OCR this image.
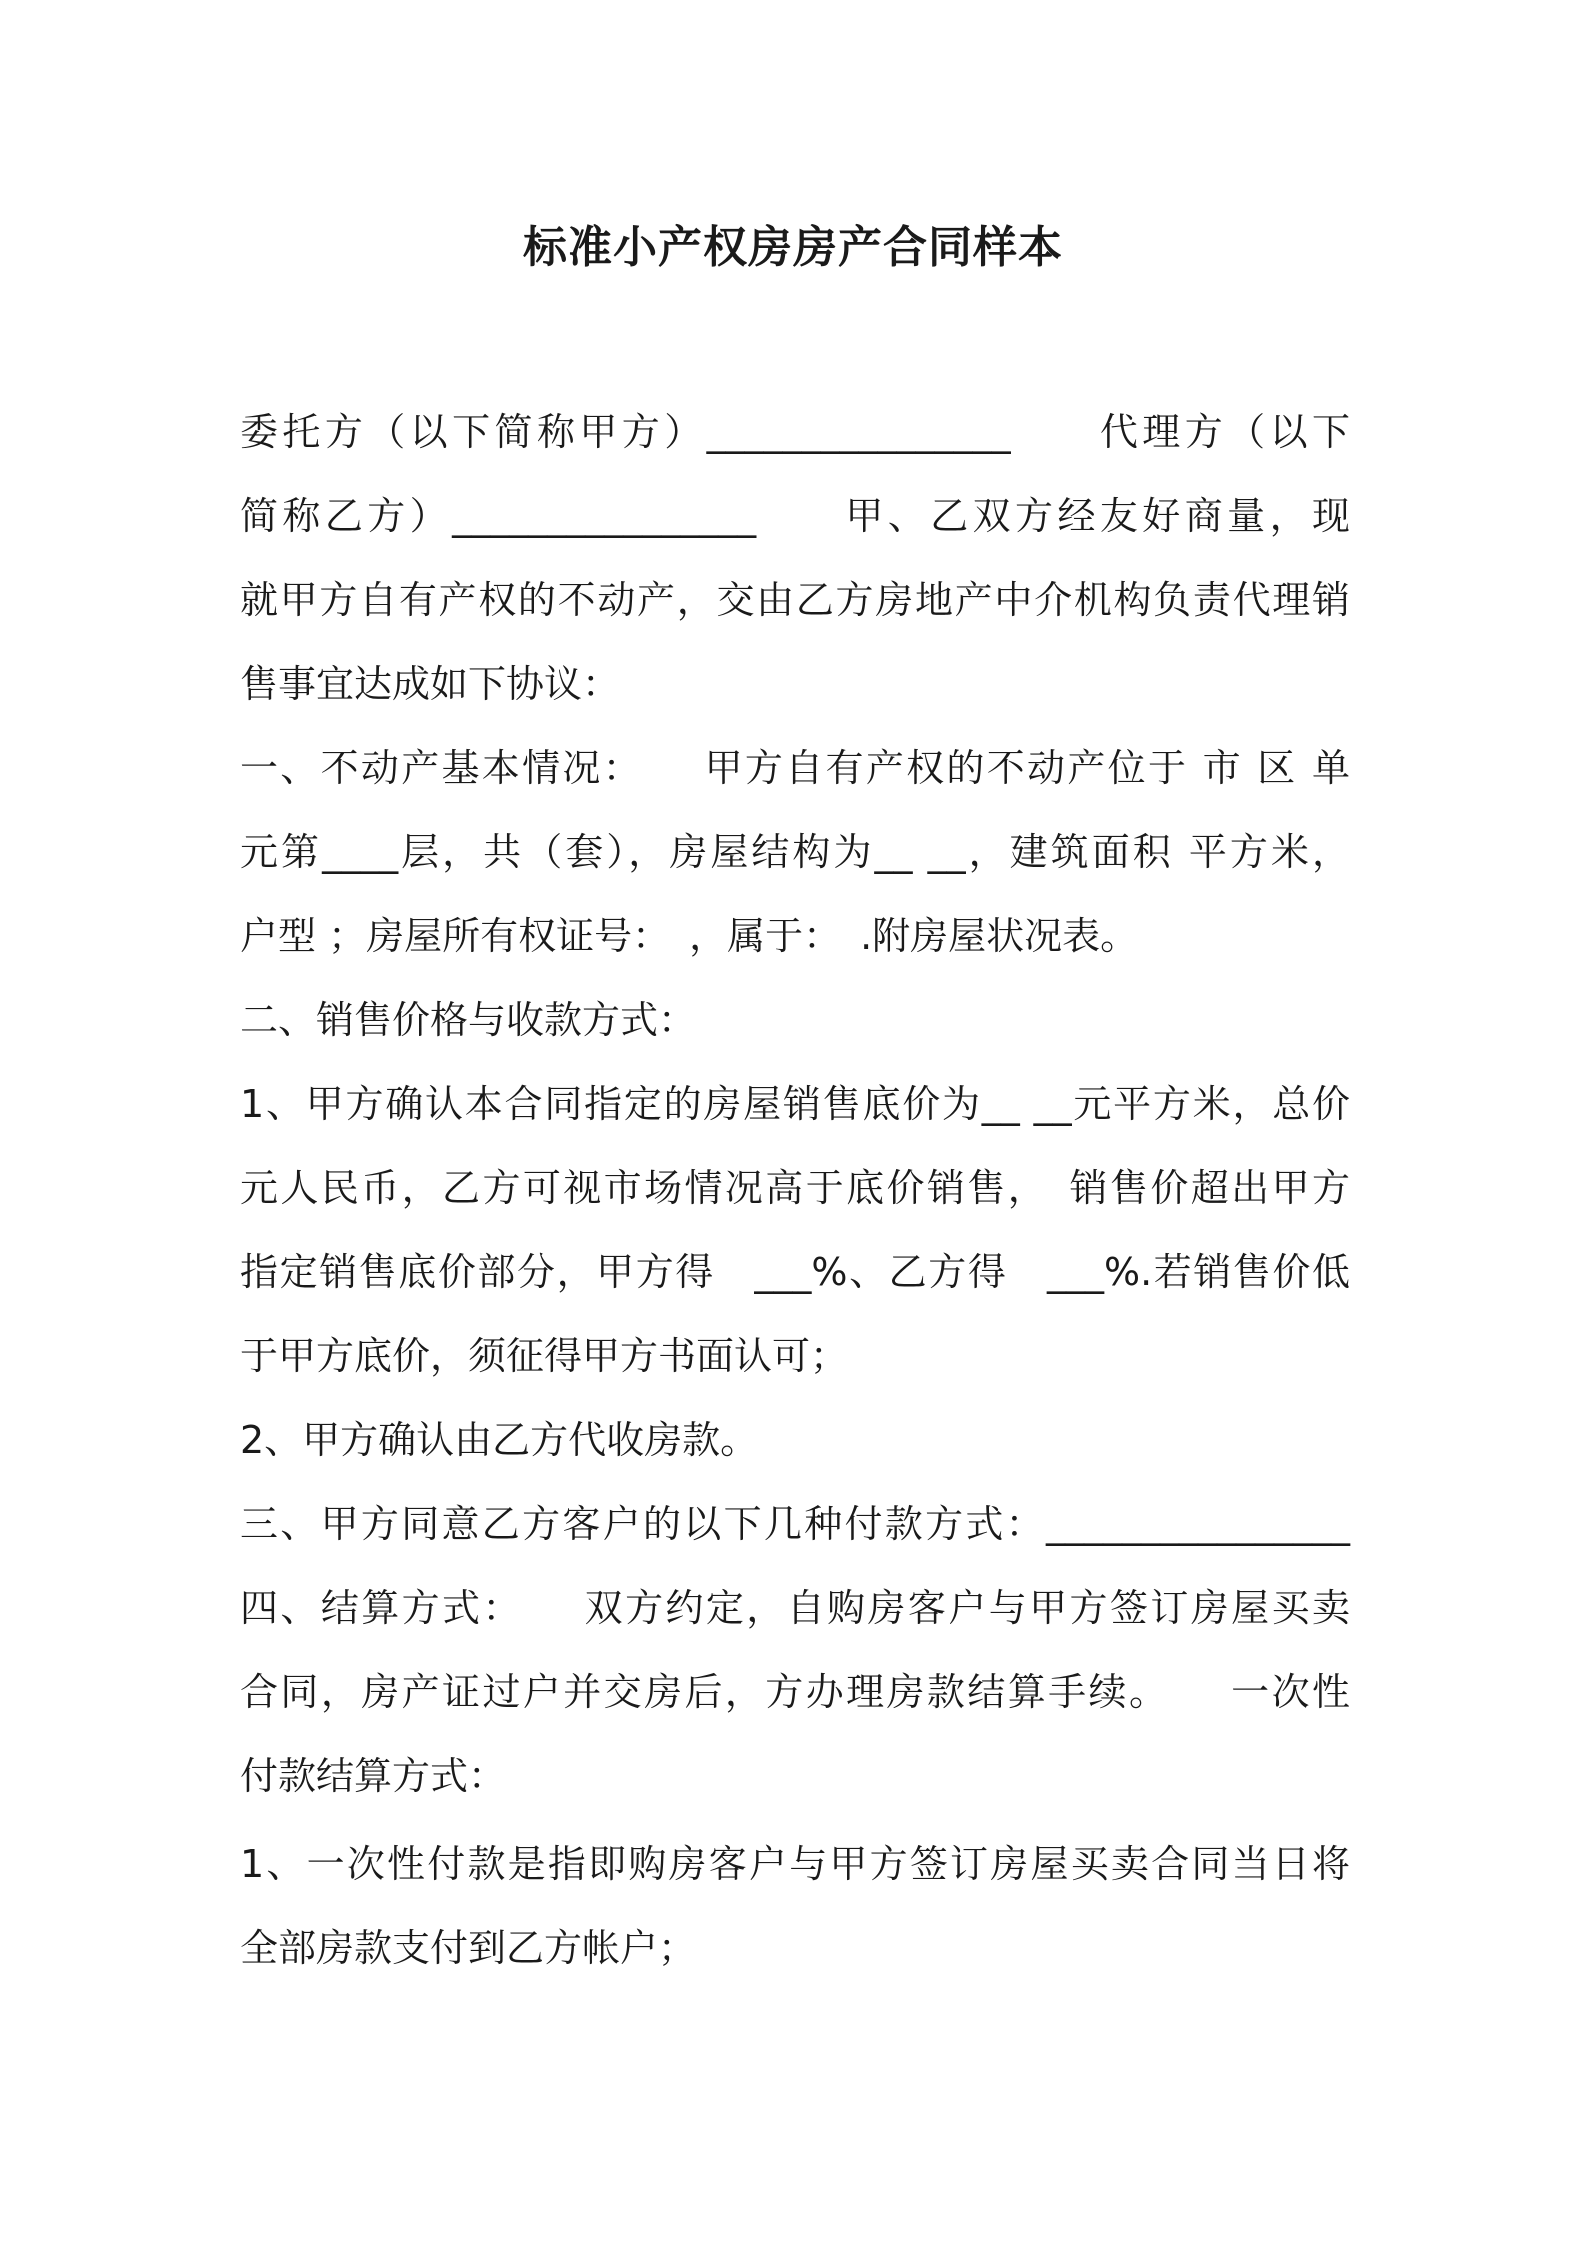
标准小产权房房产合同样本
委托方（以下简称甲方）________________　　代理方（以下
简称乙方）________________　　甲、乙双方经友好商量，现
就甲方自有产权的不动产，交由乙方房地产中介机构负责代理销
售事宜达成如下协议：
一、不动产基本情况：　　甲方自有产权的不动产位于 市 区 单
元第____层，共（套），房屋结构为__ __，建筑面积 平方米，
户型 ；房屋所有权证号：　，属于：　.附房屋状况表。
二、销售价格与收款方式：
1、甲方确认本合同指定的房屋销售底价为__ __元平方米，总价
元人民币，乙方可视市场情况高于底价销售，　销售价超出甲方
指定销售底价部分，甲方得　___%、乙方得　___%.若销售价低
于甲方底价，须征得甲方书面认可；
2、甲方确认由乙方代收房款。
三、甲方同意乙方客户的以下几种付款方式：________________
四、结算方式：　　双方约定，自购房客户与甲方签订房屋买卖
合同，房产证过户并交房后，方办理房款结算手续。　　一次性
付款结算方式：
1、一次性付款是指即购房客户与甲方签订房屋买卖合同当日将
全部房款支付到乙方帐户；
